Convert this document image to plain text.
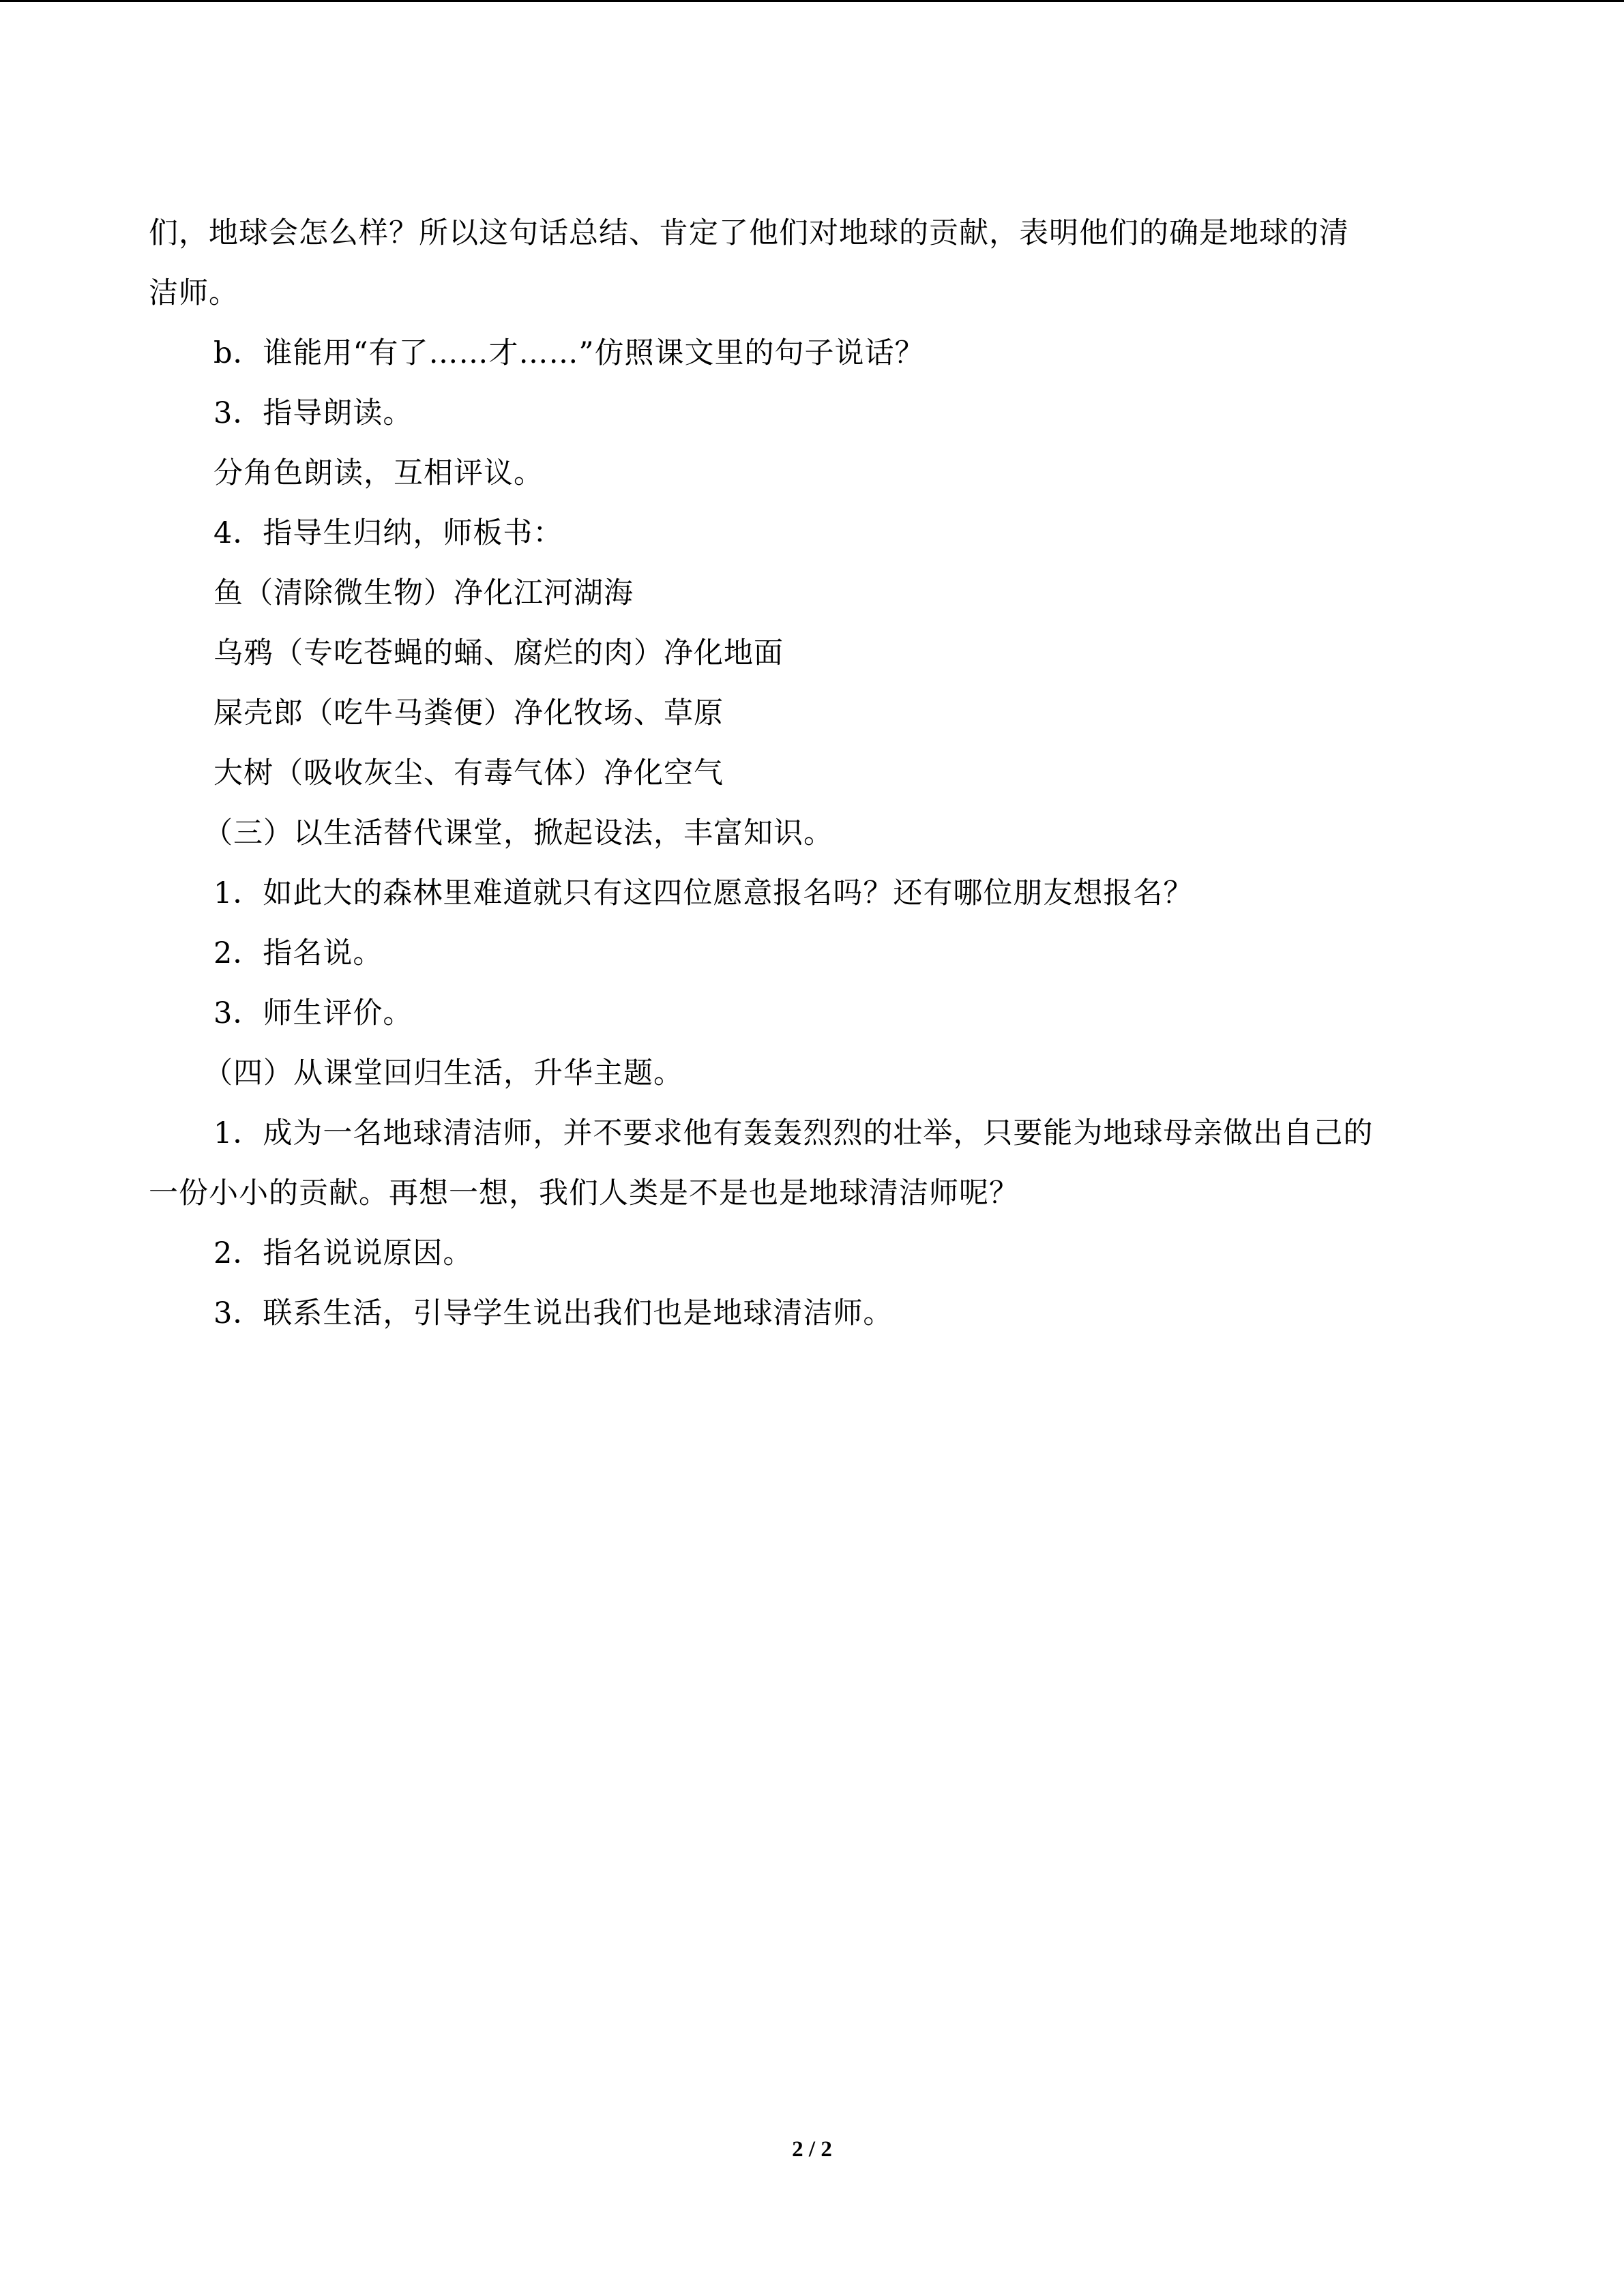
们，地球会怎么样？所以这句话总结、肯定了他们对地球的贡献，表明他们的确是地球的清
洁师。
b．谁能用“有了……才……”仿照课文里的句子说话？
3．指导朗读。
分角色朗读，互相评议。
4．指导生归纳，师板书：
鱼（清除微生物）净化江河湖海
乌鸦（专吃苍蝇的蛹、腐烂的肉）净化地面
屎壳郎（吃牛马粪便）净化牧场、草原
大树（吸收灰尘、有毒气体）净化空气
（三）以生活替代课堂，掀起设法，丰富知识。
1．如此大的森林里难道就只有这四位愿意报名吗？还有哪位朋友想报名？
2．指名说。
3．师生评价。
（四）从课堂回归生活，升华主题。
1．成为一名地球清洁师，并不要求他有轰轰烈烈的壮举，只要能为地球母亲做出自己的
一份小小的贡献。再想一想，我们人类是不是也是地球清洁师呢？
2．指名说说原因。
3．联系生活，引导学生说出我们也是地球清洁师。
2 / 2
